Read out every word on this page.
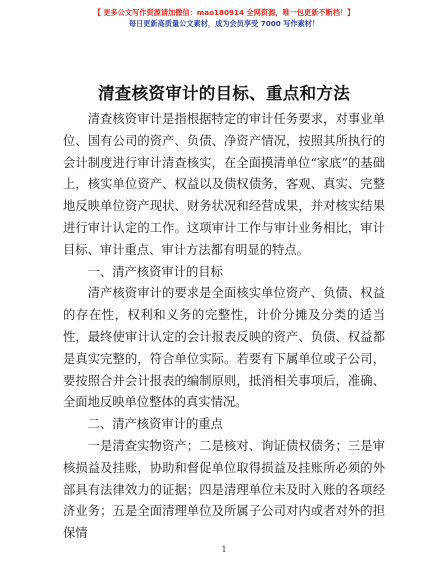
【 更多公文写作资源请加微信：mao180914 全网资源，唯一包更新不断档！】
每日更新高质量公文素材，成为会员享受 7000 写作素材！
清查核资审计的目标、重点和方法

清查核资审计是指根据特定的审计任务要求，对事业单位、国有公司的资产、负债、净资产情况，按照其所执行的会计制度进行审计清查核实，在全面摸清单位“家底”的基础上，核实单位资产、权益以及债权债务，客观、真实、完整地反映单位资产现状、财务状况和经营成果，并对核实结果进行审计认定的工作。这项审计工作与审计业务相比，审计目标、审计重点、审计方法都有明显的特点。

一、清产核资审计的目标

清产核资审计的要求是全面核实单位资产、负债、权益的存在性，权利和义务的完整性，计价分摊及分类的适当性，最终使审计认定的会计报表反映的资产、负债、权益都是真实完整的，符合单位实际。若要有下属单位或子公司，要按照合并会计报表的编制原则，抵消相关事项后，准确、全面地反映单位整体的真实情况。

二、清产核资审计的重点

一是清查实物资产；二是核对、询证债权债务；三是审核损益及挂账，协助和督促单位取得损益及挂账所必须的外部具有法律效力的证据；四是清理单位未及时入账的各项经济业务；五是全面清理单位及所属子公司对内或者对外的担保情

1
